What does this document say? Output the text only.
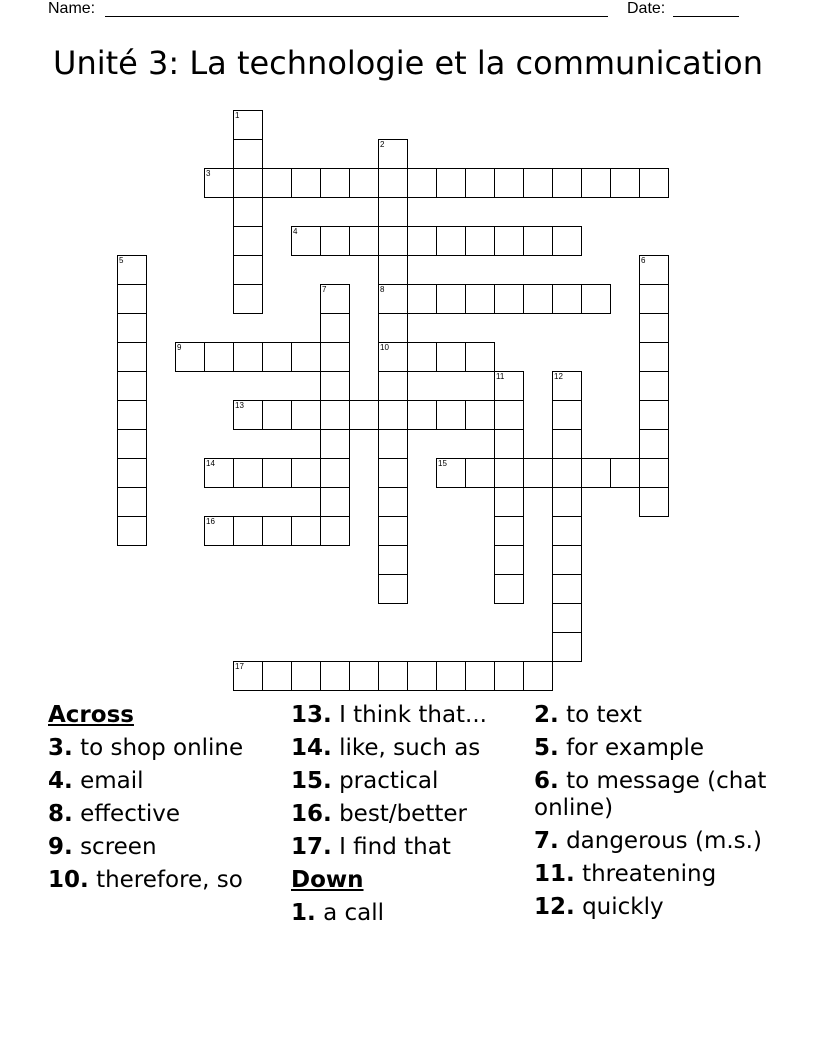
Name:	Date:
Unité 3: La technologie et la communication
1
2
8
10
3
4
5	6
7
9
11	12
13
14	15
16
17
Across
3. to shop online
4. email
8. effective
9. screen
10. therefore, so
13. I think that...
14. like, such as
15. practical
16. best/better
17. I find that
Down
1. a call
2. to text
5. for example
6. to message (chat online)
7. dangerous (m.s.)
11. threatening
12. quickly
